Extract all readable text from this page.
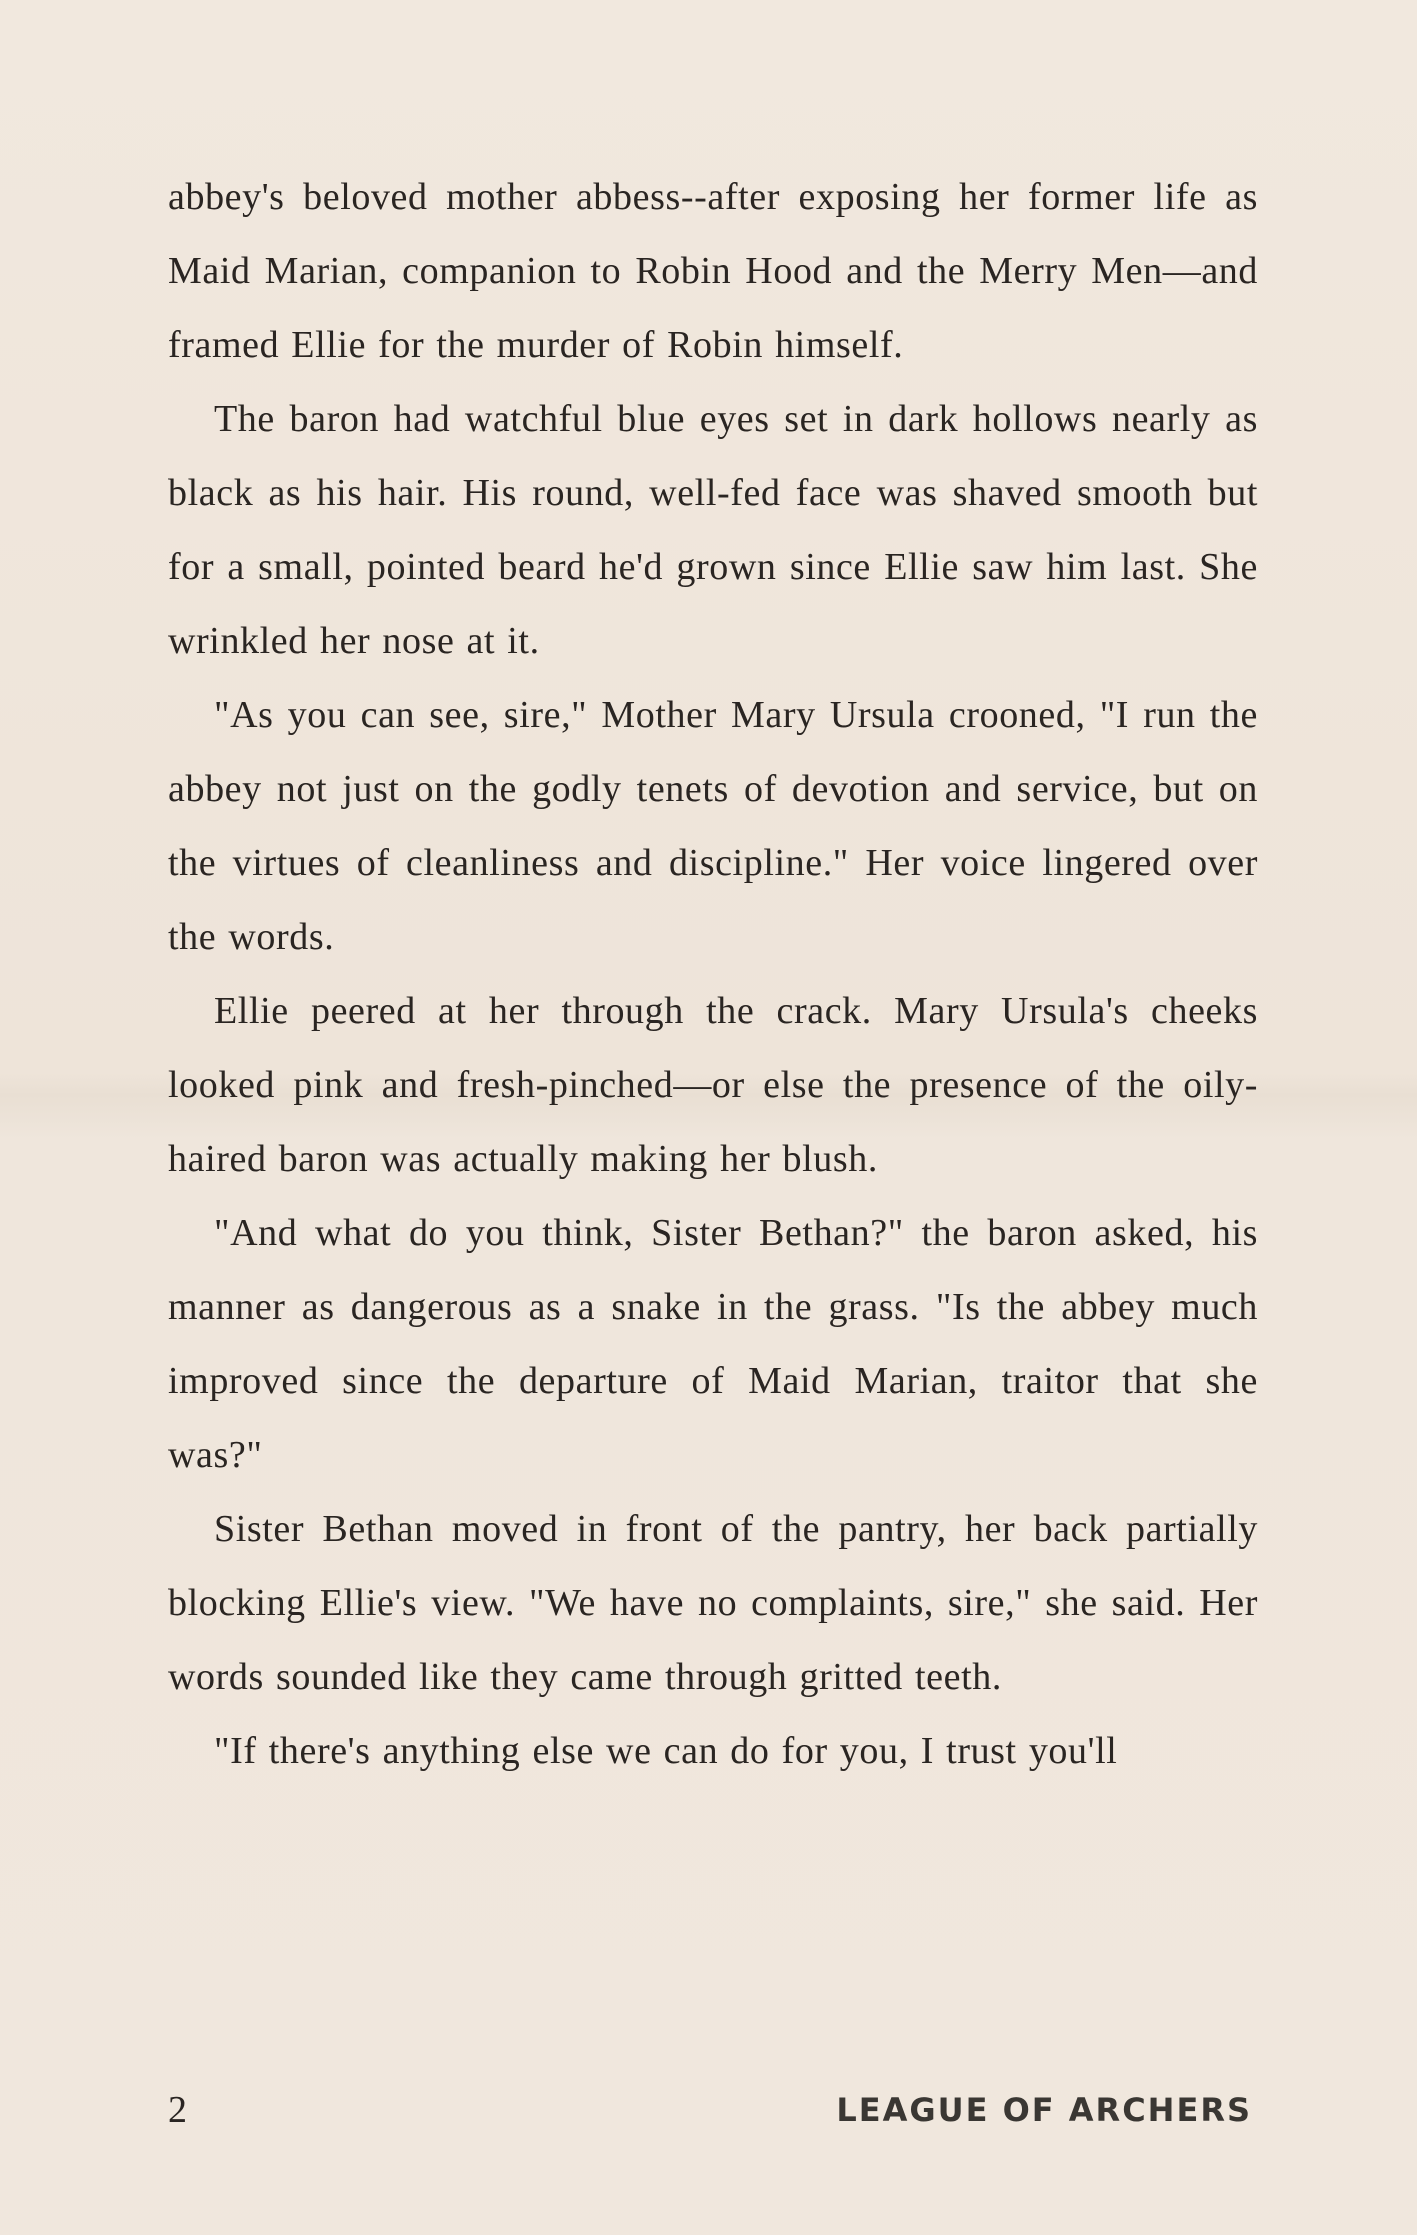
abbey's beloved mother abbess--after exposing her former life as Maid Marian, companion to Robin Hood and the Merry Men—and framed Ellie for the murder of Robin himself.

The baron had watchful blue eyes set in dark hollows nearly as black as his hair. His round, well-fed face was shaved smooth but for a small, pointed beard he'd grown since Ellie saw him last. She wrinkled her nose at it.

"As you can see, sire," Mother Mary Ursula crooned, "I run the abbey not just on the godly tenets of devotion and service, but on the virtues of cleanliness and discipline." Her voice lingered over the words.

Ellie peered at her through the crack. Mary Ursula's cheeks looked pink and fresh-pinched—or else the presence of the oily-haired baron was actually making her blush.

"And what do you think, Sister Bethan?" the baron asked, his manner as dangerous as a snake in the grass. "Is the abbey much improved since the departure of Maid Marian, traitor that she was?"

Sister Bethan moved in front of the pantry, her back partially blocking Ellie's view. "We have no complaints, sire," she said. Her words sounded like they came through gritted teeth.

"If there's anything else we can do for you, I trust you'll

2	LEAGUE OF ARCHERS
